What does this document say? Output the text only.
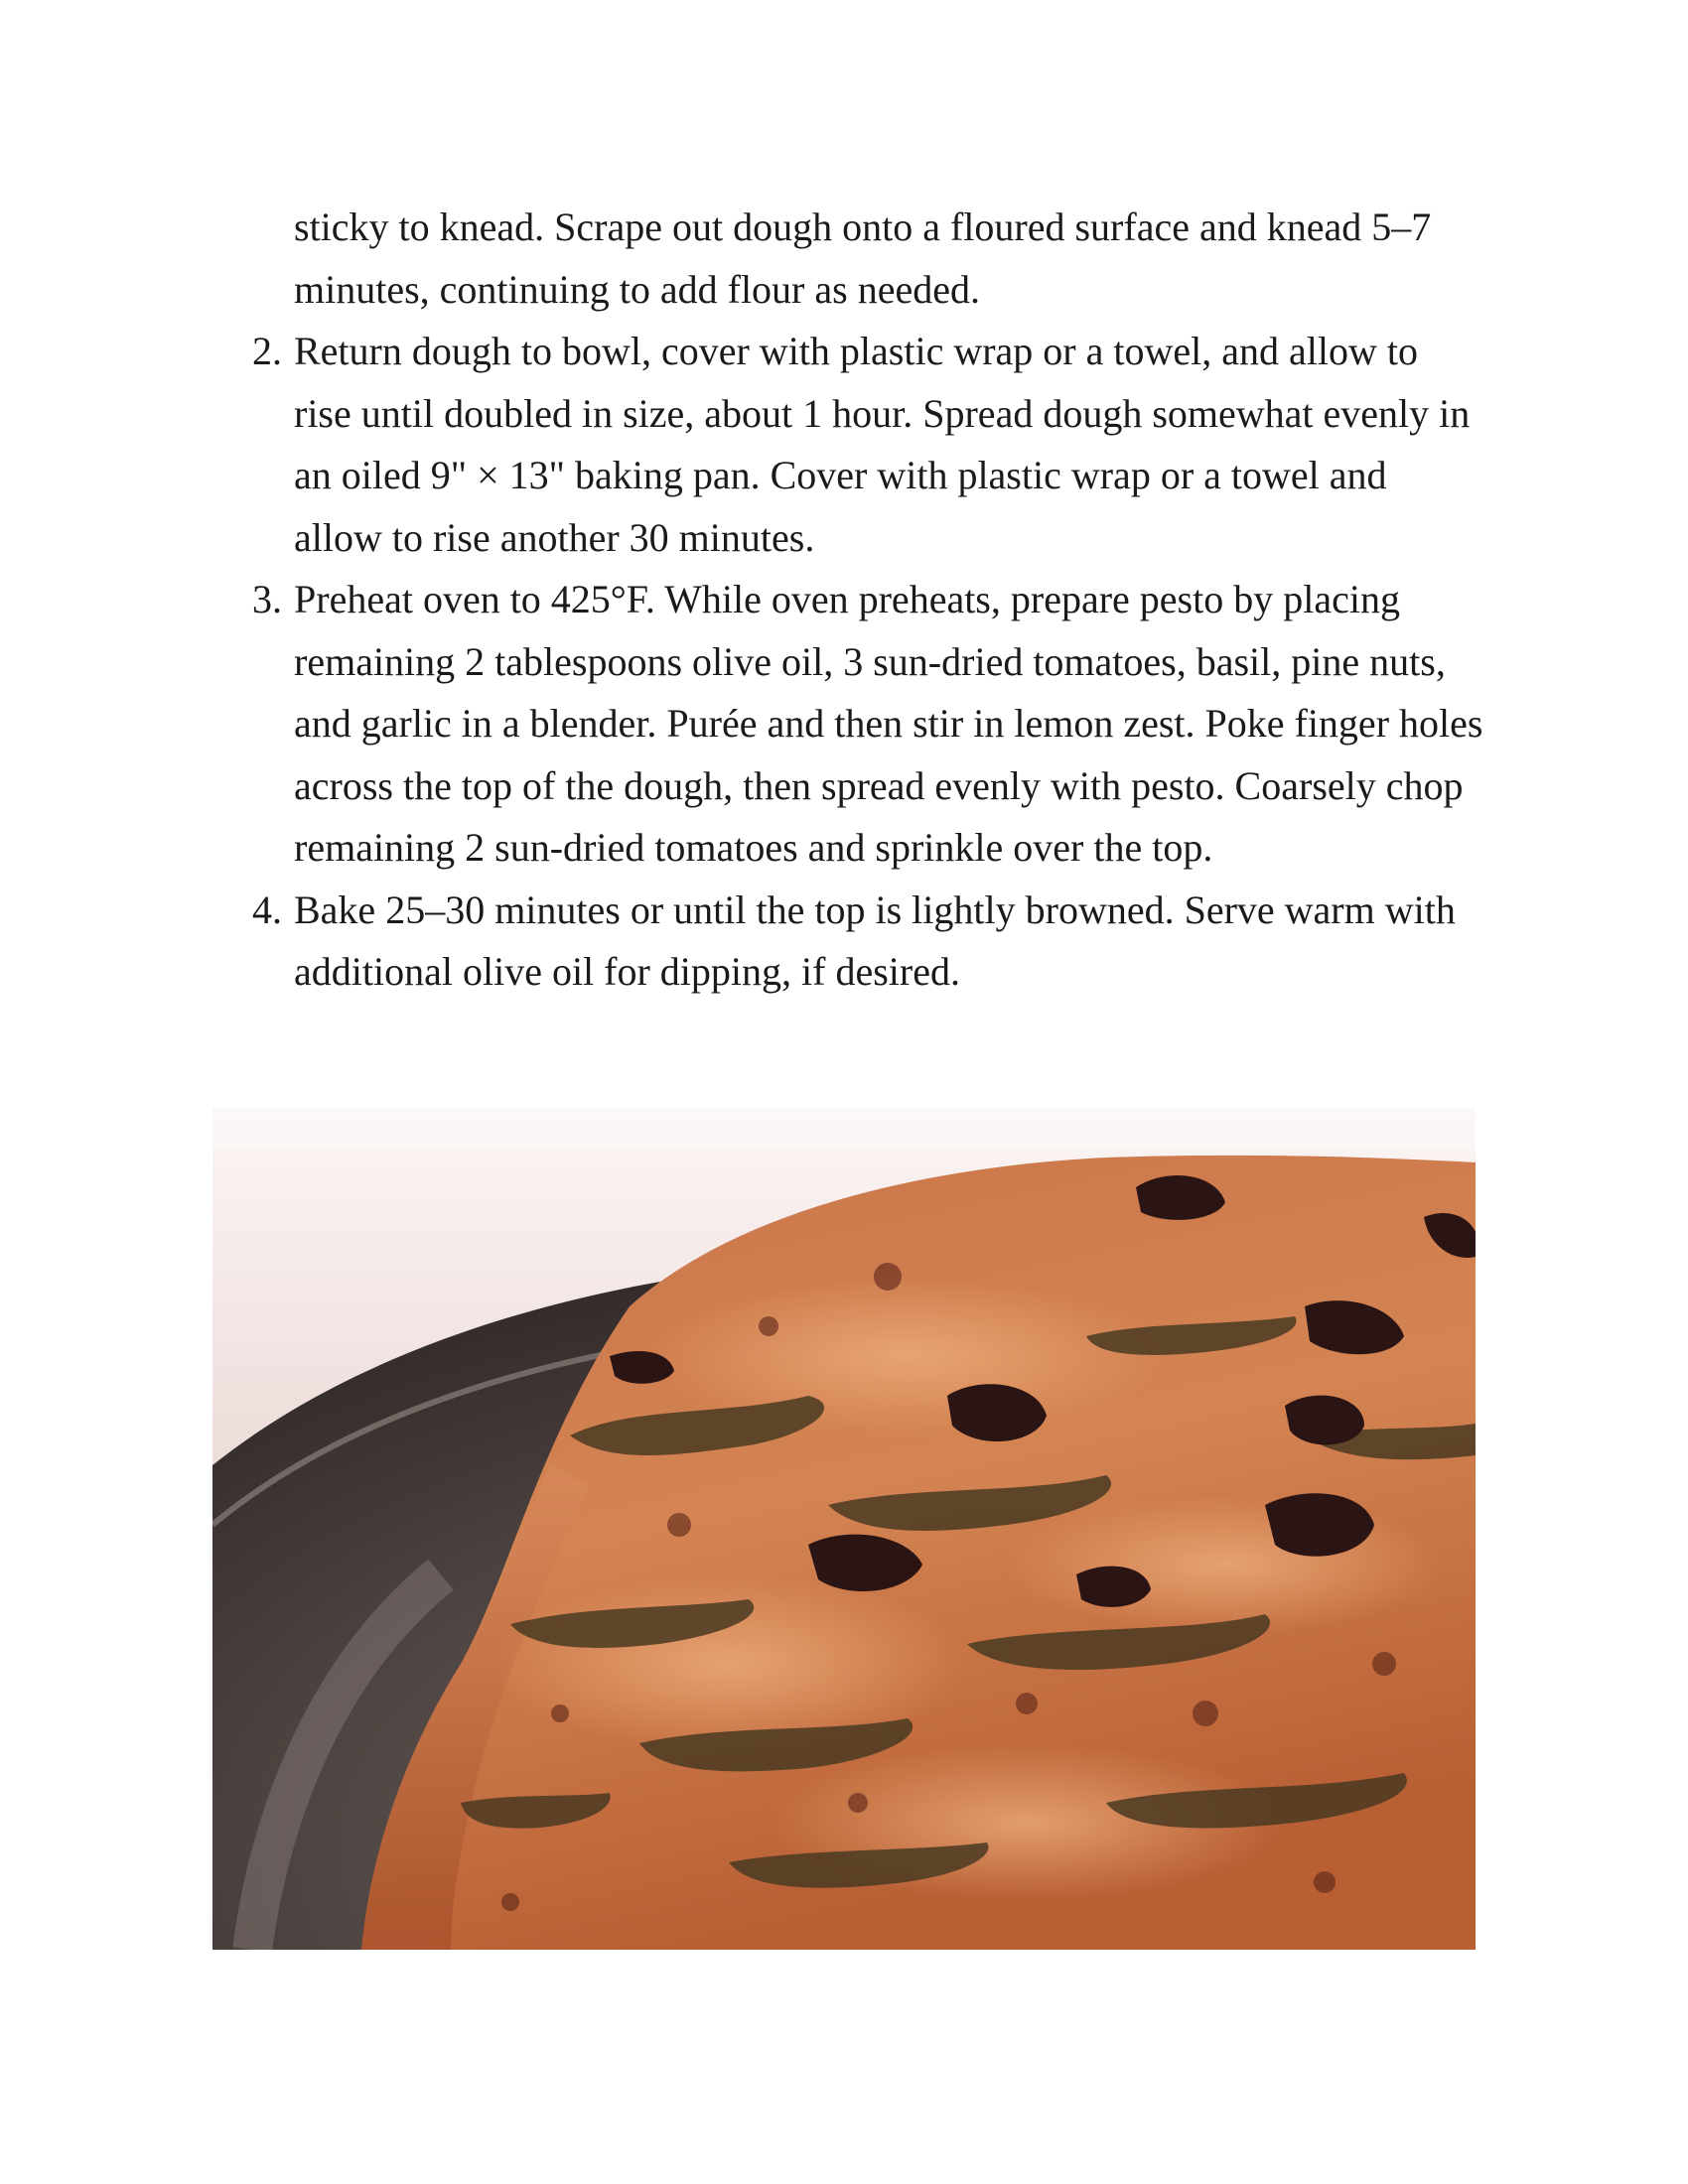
sticky to knead. Scrape out dough onto a floured surface and knead 5–7 minutes, continuing to add flour as needed.

2. Return dough to bowl, cover with plastic wrap or a towel, and allow to rise until doubled in size, about 1 hour. Spread dough somewhat evenly in an oiled 9" × 13" baking pan. Cover with plastic wrap or a towel and allow to rise another 30 minutes.
3. Preheat oven to 425°F. While oven preheats, prepare pesto by placing remaining 2 tablespoons olive oil, 3 sun-dried tomatoes, basil, pine nuts, and garlic in a blender. Purée and then stir in lemon zest. Poke finger holes across the top of the dough, then spread evenly with pesto. Coarsely chop remaining 2 sun-dried tomatoes and sprinkle over the top.
4. Bake 25–30 minutes or until the top is lightly browned. Serve warm with additional olive oil for dipping, if desired.
